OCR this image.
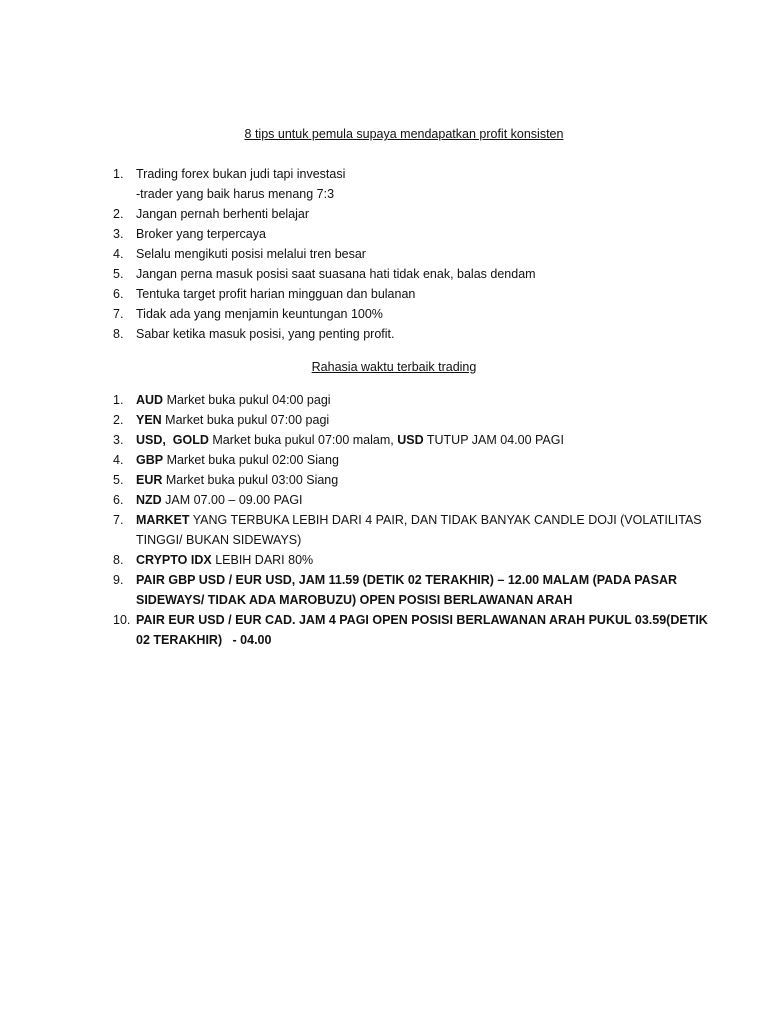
8 tips untuk pemula supaya mendapatkan profit konsisten
1.	Trading forex bukan judi tapi investasi
-trader yang baik harus menang 7:3
2.	Jangan pernah berhenti belajar
3.	Broker yang terpercaya
4.	Selalu mengikuti posisi melalui tren besar
5.	Jangan perna masuk posisi saat suasana hati tidak enak, balas dendam
6.	Tentuka target profit harian mingguan dan bulanan
7.	Tidak ada yang menjamin keuntungan 100%
8.	Sabar ketika masuk posisi, yang penting profit.
Rahasia waktu terbaik trading
1.	AUD Market buka pukul 04:00 pagi
2.	YEN Market buka pukul 07:00 pagi
3.	USD,  GOLD Market buka pukul 07:00 malam, USD TUTUP JAM 04.00 PAGI
4.	GBP Market buka pukul 02:00 Siang
5.	EUR Market buka pukul 03:00 Siang
6.	NZD JAM 07.00 – 09.00 PAGI
7.	MARKET YANG TERBUKA LEBIH DARI 4 PAIR, DAN TIDAK BANYAK CANDLE DOJI (VOLATILITAS
TINGGI/ BUKAN SIDEWAYS)
8.	CRYPTO IDX LEBIH DARI 80%
9.	PAIR GBP USD / EUR USD, JAM 11.59 (DETIK 02 TERAKHIR) – 12.00 MALAM (PADA PASAR
SIDEWAYS/ TIDAK ADA MAROBUZU) OPEN POSISI BERLAWANAN ARAH
10. PAIR EUR USD / EUR CAD. JAM 4 PAGI OPEN POSISI BERLAWANAN ARAH PUKUL 03.59(DETIK
02 TERAKHIR)   - 04.00
